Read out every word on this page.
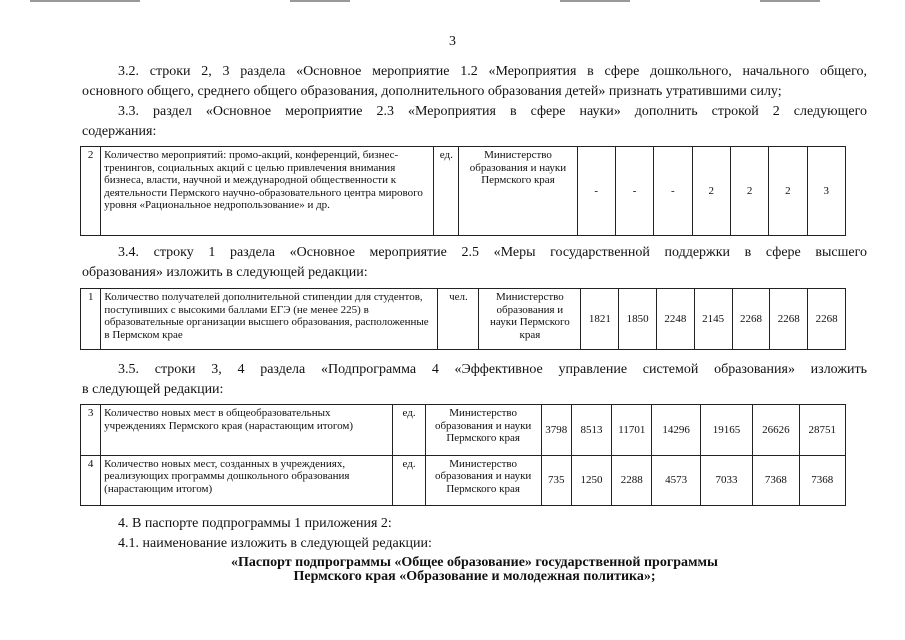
3
3.2. строки 2, 3 раздела «Основное мероприятие 1.2 «Мероприятия в сфере дошкольного, начального общего,
основного общего, среднего общего образования, дополнительного образования детей» признать утратившими силу;
3.3. раздел «Основное мероприятие 2.3 «Мероприятия в сфере науки» дополнить строкой 2 следующего
содержания:
2	Количество мероприятий: промо-акций, конференций, бизнес-тренингов, социальных акций с целью привлечения внимания бизнеса, власти, научной и международной общественности к деятельности Пермского научно-образовательного центра мирового уровня «Рациональное недропользование» и др.	ед.	Министерство образования и науки Пермского края	-	-	-	2	2	2	3
3.4. строку 1 раздела «Основное мероприятие 2.5 «Меры государственной поддержки в сфере высшего
образования» изложить в следующей редакции:
1	Количество получателей дополнительной стипендии для студентов, поступивших с высокими баллами ЕГЭ (не менее 225) в образовательные организации высшего образования, расположенные в Пермском крае	чел.	Министерство образования и науки Пермского края	1821	1850	2248	2145	2268	2268	2268
3.5. строки 3, 4 раздела «Подпрограмма 4 «Эффективное управление системой образования» изложить
в следующей редакции:
3	Количество новых мест в общеобразовательных учреждениях Пермского края (нарастающим итогом)	ед.	Министерство образования и науки Пермского края	3798	8513	11701	14296	19165	26626	28751
4	Количество новых мест, созданных в учреждениях, реализующих программы дошкольного образования (нарастающим итогом)	ед.	Министерство образования и науки Пермского края	735	1250	2288	4573	7033	7368	7368
4. В паспорте подпрограммы 1 приложения 2:
4.1. наименование изложить в следующей редакции:
«Паспорт подпрограммы «Общее образование» государственной программы
Пермского края «Образование и молодежная политика»;
